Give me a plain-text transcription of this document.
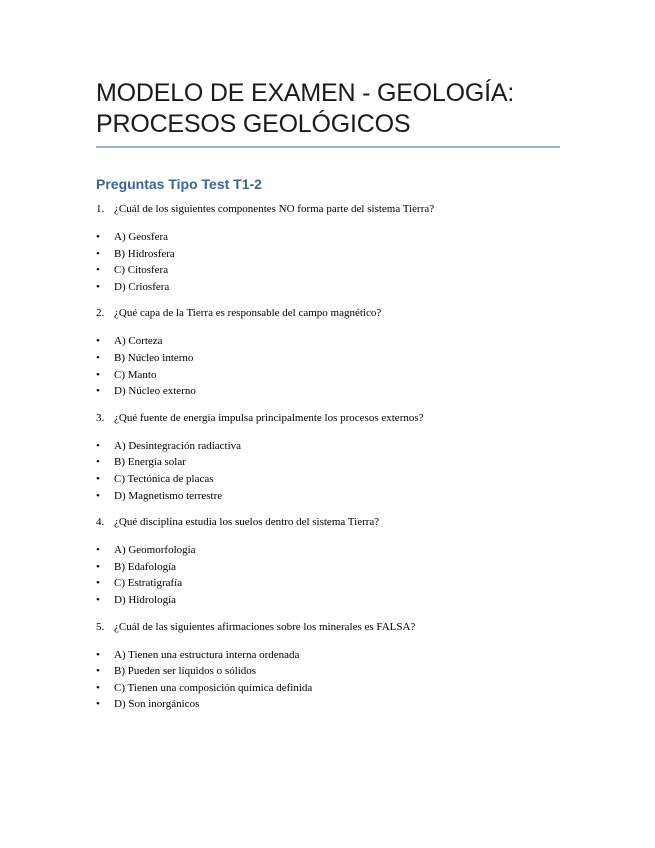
MODELO DE EXAMEN - GEOLOGÍA:
PROCESOS GEOLÓGICOS
Preguntas Tipo Test T1-2

1. ¿Cuál de los siguientes componentes NO forma parte del sistema Tierra?

•	A) Geosfera
•	B) Hidrosfera
•	C) Citosfera
•	D) Criosfera

2. ¿Qué capa de la Tierra es responsable del campo magnético?

•	A) Corteza
•	B) Núcleo interno
•	C) Manto
•	D) Núcleo externo

3. ¿Qué fuente de energía impulsa principalmente los procesos externos?

•	A) Desintegración radiactiva
•	B) Energía solar
•	C) Tectónica de placas
•	D) Magnetismo terrestre

4. ¿Qué disciplina estudia los suelos dentro del sistema Tierra?

•	A) Geomorfología
•	B) Edafología
•	C) Estratigrafía
•	D) Hidrología

5. ¿Cuál de las siguientes afirmaciones sobre los minerales es FALSA?

•	A) Tienen una estructura interna ordenada
•	B) Pueden ser líquidos o sólidos
•	C) Tienen una composición química definida
•	D) Son inorgánicos
